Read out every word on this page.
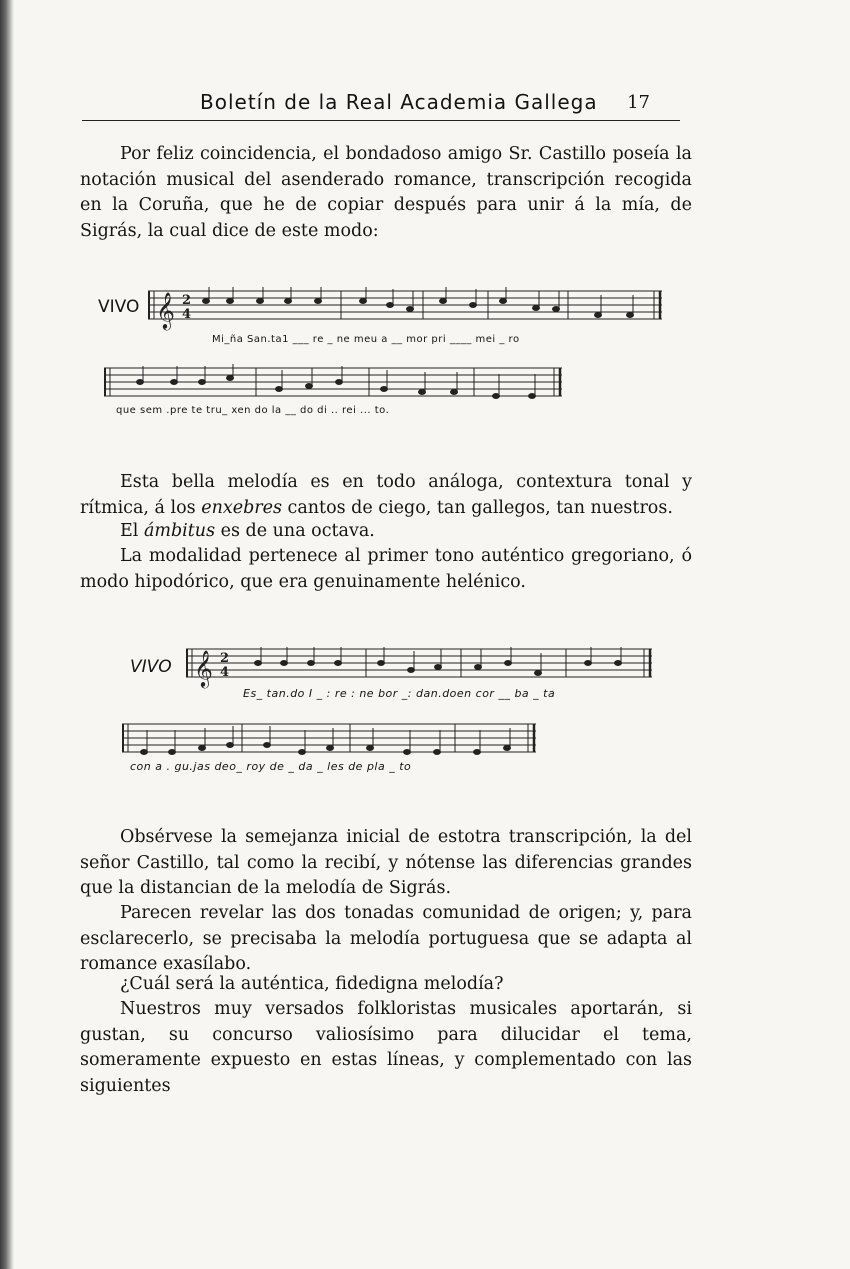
Boletín de la Real Academia Gallega 17

Por feliz coincidencia, el bondadoso amigo Sr. Castillo poseía la notación musical del asenderado romance, transcripción recogida en la Coruña, que he de copiar después para unir á la mía, de Sigrás, la cual dice de este modo:

VIVO 𝄞 2
4
Mi_ña San.ta1 ___ re _ ne meu a __ mor pri ____ mei _ ro
que sem .pre te tru_ xen do la __ do di .. rei ... to.

Esta bella melodía es en todo análoga, contextura tonal y rítmica, á los enxebres cantos de ciego, tan gallegos, tan nuestros.

El ámbitus es de una octava.

La modalidad pertenece al primer tono auténtico gregoriano, ó modo hipodórico, que era genuinamente helénico.

VIVO 𝄞 2
4
Es_ tan.do I _ : re : ne bor _: dan.doen cor __ ba _ ta
con a . gu.jas deo_ roy de _ da _ les de pla _ to

Obsérvese la semejanza inicial de estotra transcripción, la del señor Castillo, tal como la recibí, y nótense las diferencias grandes que la distancian de la melodía de Sigrás.

Parecen revelar las dos tonadas comunidad de origen; y, para esclarecerlo, se precisaba la melodía portuguesa que se adapta al romance exasílabo.

¿Cuál será la auténtica, fidedigna melodía?

Nuestros muy versados folkloristas musicales aportarán, si gustan, su concurso valiosísimo para dilucidar el tema, someramente expuesto en estas líneas, y complementado con las siguientes
